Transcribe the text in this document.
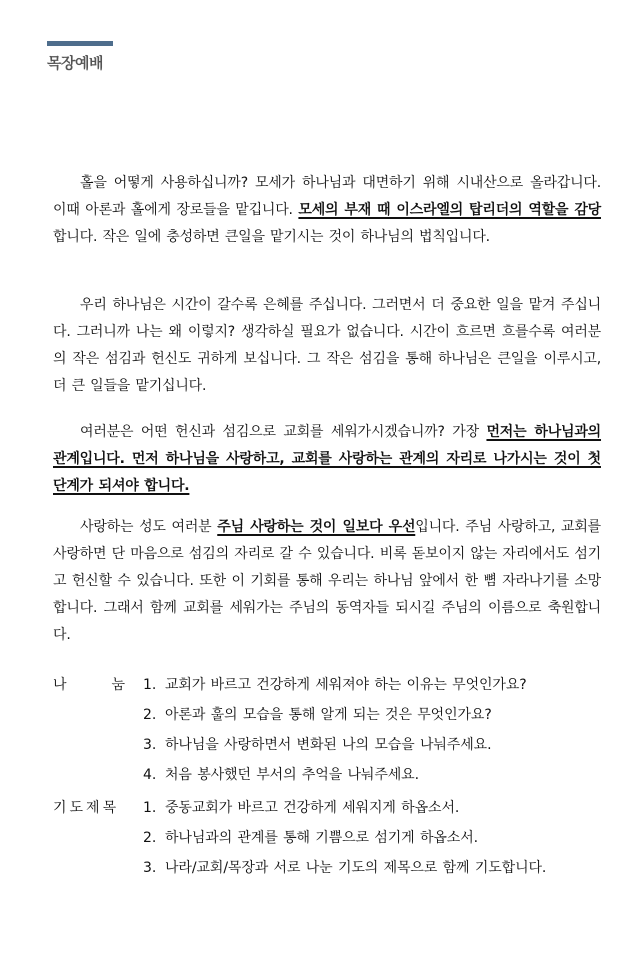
목장예배
홀을 어떻게 사용하십니까? 모세가 하나님과 대면하기 위해 시내산으로 올라갑니다. 이때 아론과 홀에게 장로들을 맡깁니다. 모세의 부재 때 이스라엘의 탑리더의 역할을 감당합니다. 작은 일에 충성하면 큰일을 맡기시는 것이 하나님의 법칙입니다.
우리 하나님은 시간이 갈수록 은혜를 주십니다. 그러면서 더 중요한 일을 맡겨 주십니다. 그러니까 나는 왜 이렇지? 생각하실 필요가 없습니다. 시간이 흐르면 흐를수록 여러분의 작은 섬김과 헌신도 귀하게 보십니다. 그 작은 섬김을 통해 하나님은 큰일을 이루시고, 더 큰 일들을 맡기십니다.
여러분은 어떤 헌신과 섬김으로 교회를 세워가시겠습니까? 가장 먼저는 하나님과의 관계입니다. 먼저 하나님을 사랑하고, 교회를 사랑하는 관계의 자리로 나가시는 것이 첫 단계가 되셔야 합니다.
사랑하는 성도 여러분 주님 사랑하는 것이 일보다 우선입니다. 주님 사랑하고, 교회를 사랑하면 단 마음으로 섬김의 자리로 갈 수 있습니다. 비록 돋보이지 않는 자리에서도 섬기고 헌신할 수 있습니다. 또한 이 기회를 통해 우리는 하나님 앞에서 한 뼘 자라나기를 소망합니다. 그래서 함께 교회를 세워가는 주님의 동역자들 되시길 주님의 이름으로 축원합니다.
나	눔	1. 교회가 바르고 건강하게 세워져야 하는 이유는 무엇인가요?
2. 아론과 훌의 모습을 통해 알게 되는 것은 무엇인가요?
3. 하나님을 사랑하면서 변화된 나의 모습을 나눠주세요.
4. 처음 봉사했던 부서의 추억을 나눠주세요.
기도제목	1. 중동교회가 바르고 건강하게 세워지게 하옵소서.
2. 하나님과의 관계를 통해 기쁨으로 섬기게 하옵소서.
3. 나라/교회/목장과 서로 나눈 기도의 제목으로 함께 기도합니다.
